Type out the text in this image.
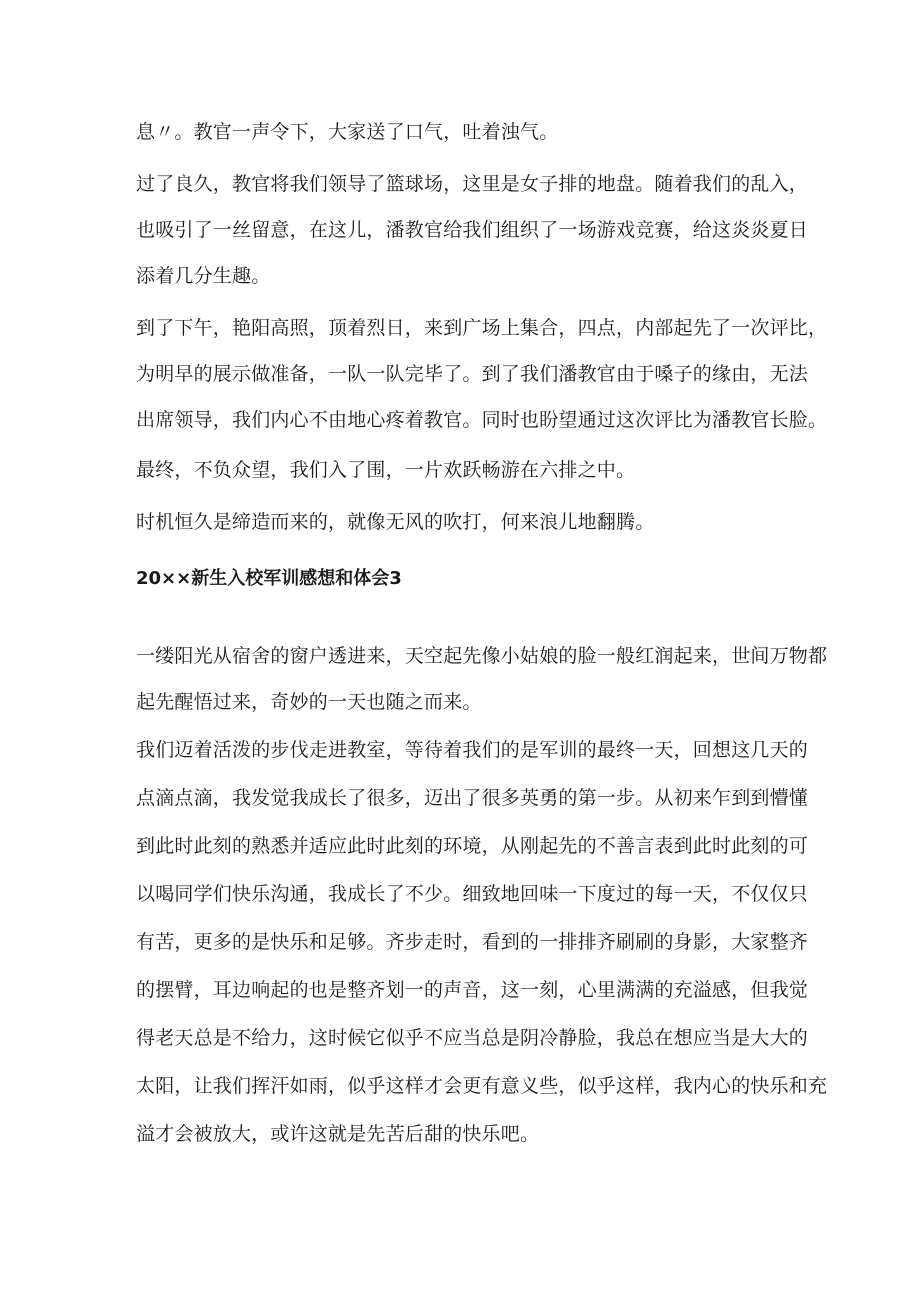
息〃。教官一声令下，大家送了口气，吐着浊气。

过了良久，教官将我们领导了篮球场，这里是女子排的地盘。随着我们的乱入，

也吸引了一丝留意，在这儿，潘教官给我们组织了一场游戏竞赛，给这炎炎夏日

添着几分生趣。

到了下午，艳阳高照，顶着烈日，来到广场上集合，四点，内部起先了一次评比，

为明早的展示做准备，一队一队完毕了。到了我们潘教官由于嗓子的缘由，无法

出席领导，我们内心不由地心疼着教官。同时也盼望通过这次评比为潘教官长脸。

最终，不负众望，我们入了围，一片欢跃畅游在六排之中。

时机恒久是缔造而来的，就像无风的吹打，何来浪儿地翻腾。

20××新生入校军训感想和体会3

一缕阳光从宿舍的窗户透进来，天空起先像小姑娘的脸一般红润起来，世间万物都

起先醒悟过来，奇妙的一天也随之而来。

我们迈着活泼的步伐走进教室，等待着我们的是军训的最终一天，回想这几天的

点滴点滴，我发觉我成长了很多，迈出了很多英勇的第一步。从初来乍到到懵懂

到此时此刻的熟悉并适应此时此刻的环境，从刚起先的不善言表到此时此刻的可

以喝同学们快乐沟通，我成长了不少。细致地回味一下度过的每一天，不仅仅只

有苦，更多的是快乐和足够。齐步走时，看到的一排排齐刷刷的身影，大家整齐

的摆臂，耳边响起的也是整齐划一的声音，这一刻，心里满满的充溢感，但我觉

得老天总是不给力，这时候它似乎不应当总是阴冷静脸，我总在想应当是大大的

太阳，让我们挥汗如雨，似乎这样才会更有意义些，似乎这样，我内心的快乐和充

溢才会被放大，或许这就是先苦后甜的快乐吧。
